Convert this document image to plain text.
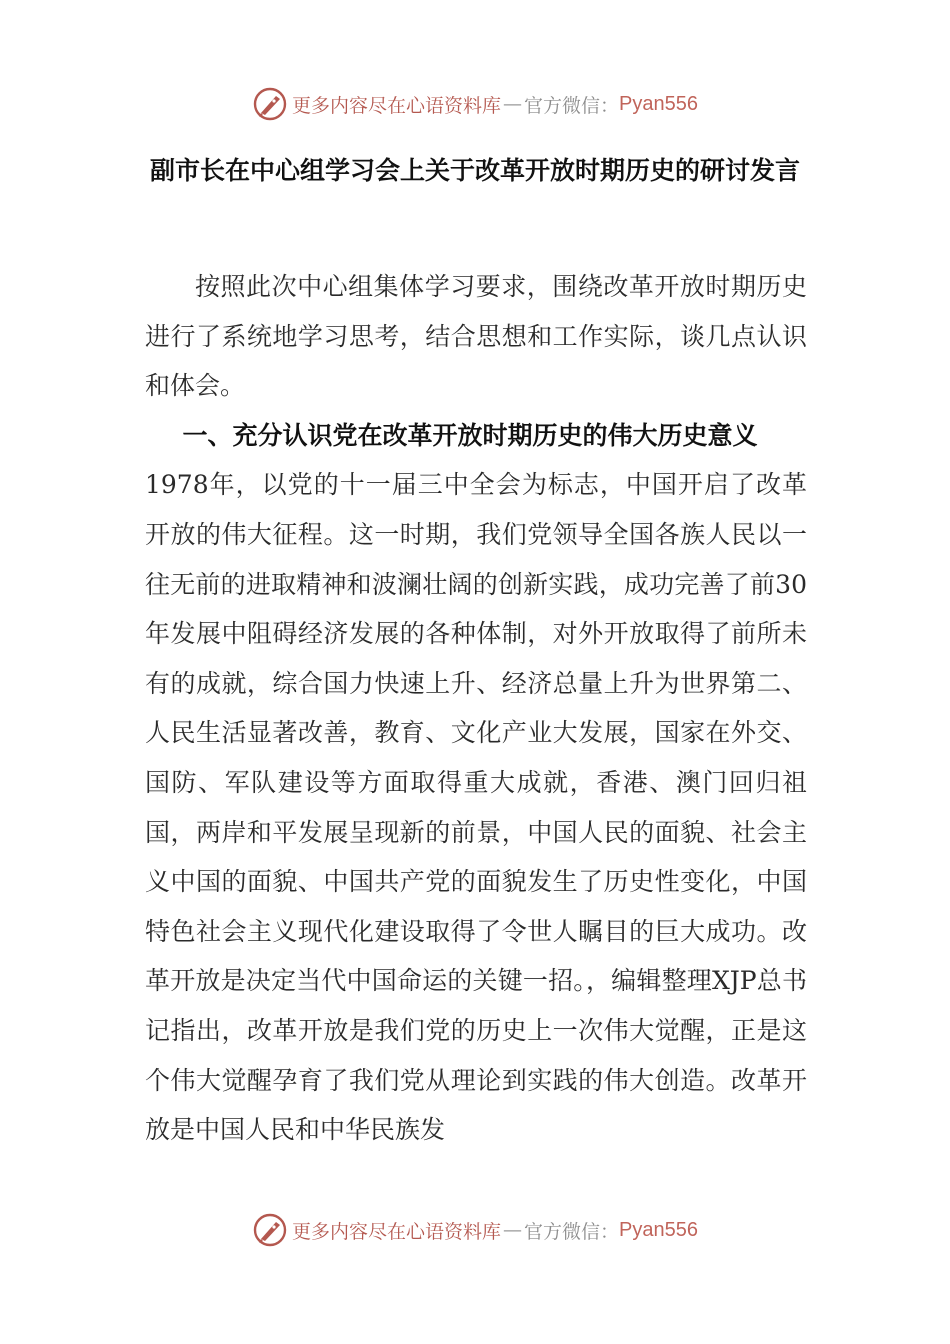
更多内容尽在心语资料库 — 官方微信： Pyan556
副市长在中心组学习会上关于改革开放时期历史的研讨发言

按照此次中心组集体学习要求，围绕改革开放时期历史进行了系统地学习思考，结合思想和工作实际，谈几点认识和体会。

一、充分认识党在改革开放时期历史的伟大历史意义

1978年，以党的十一届三中全会为标志，中国开启了改革开放的伟大征程。这一时期，我们党领导全国各族人民以一往无前的进取精神和波澜壮阔的创新实践，成功完善了前30年发展中阻碍经济发展的各种体制，对外开放取得了前所未有的成就，综合国力快速上升、经济总量上升为世界第二、人民生活显著改善，教育、文化产业大发展，国家在外交、国防、军队建设等方面取得重大成就，香港、澳门回归祖国，两岸和平发展呈现新的前景，中国人民的面貌、社会主义中国的面貌、中国共产党的面貌发生了历史性变化，中国特色社会主义现代化建设取得了令世人瞩目的巨大成功。改革开放是决定当代中国命运的关键一招。，编辑整理XJP总书记指出，改革开放是我们党的历史上一次伟大觉醒，正是这个伟大觉醒孕育了我们党从理论到实践的伟大创造。改革开放是中国人民和中华民族发

更多内容尽在心语资料库 — 官方微信： Pyan556
